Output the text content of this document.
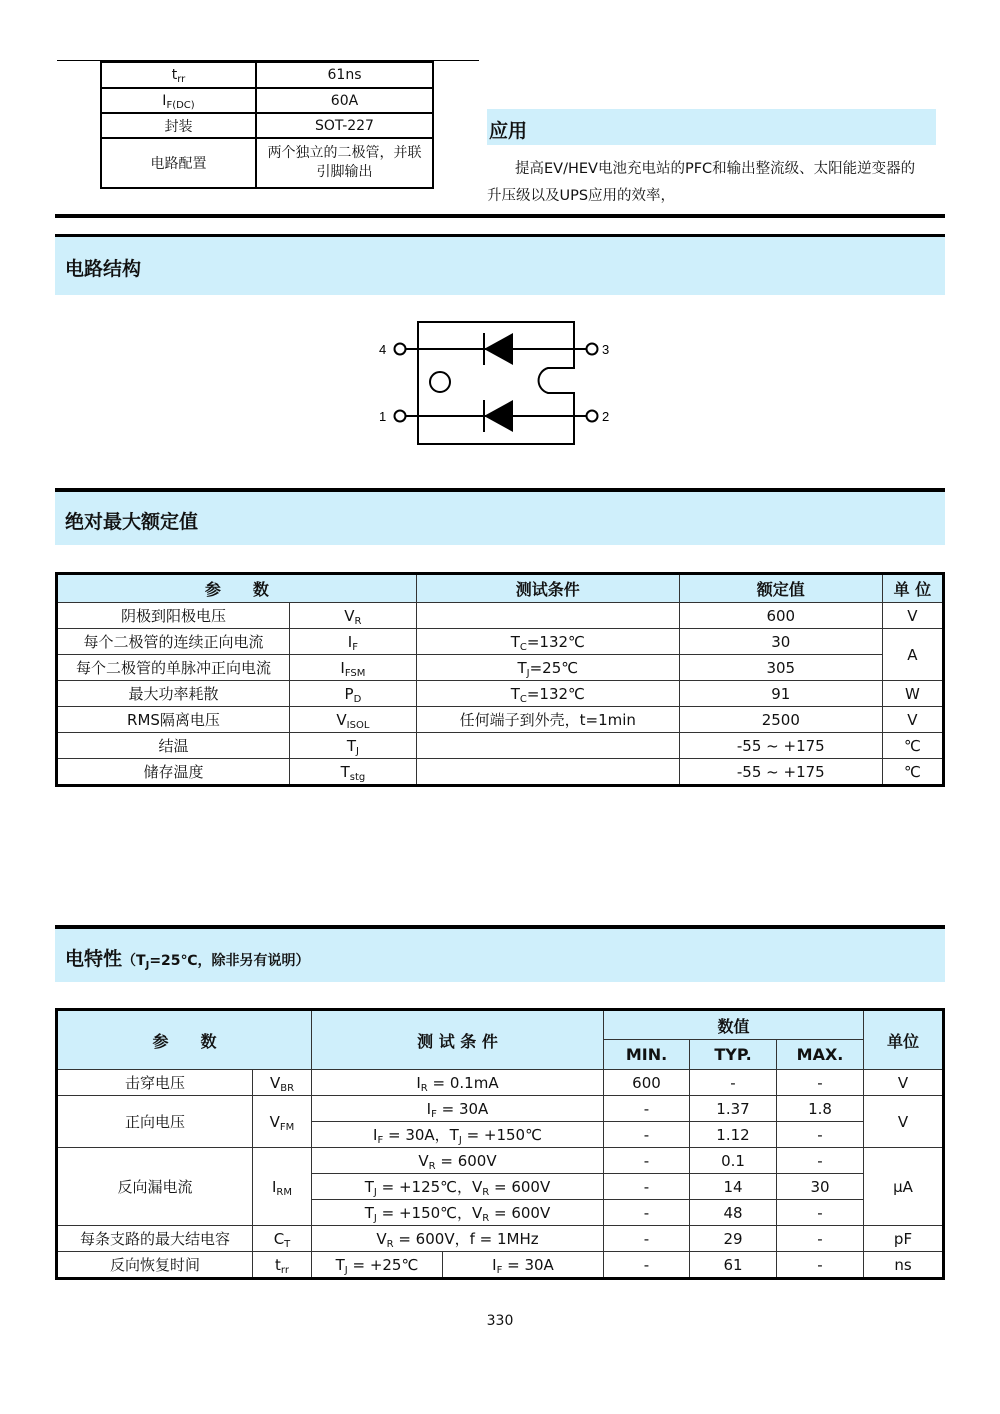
$t_{rr}$	61ns
$I_{F(DC)}$	60A
封装	SOT-227
电路配置	两个独立的二极管，并联
引脚输出
应用
提高EV/HEV电池充电站的PFC和输出整流级、太阳能逆变器的
升压级以及UPS应用的效率，
电路结构
4	3
1	2
绝对最大额定值
参　　数		测试条件	额定值	单 位
阴极到阳极电压	$V_R$		600	V
每个二极管的连续正向电流	$I_F$	$T_C=132℃$	30	A
每个二极管的单脉冲正向电流	$I_{FSM}$	$T_J=25℃$	305	
最大功率耗散	$P_D$	$T_C=132℃$	91	W
RMS隔离电压	$V_{ISOL}$	任何端子到外壳，t=1min	2500	V
结温	$T_J$		-55 ~ +175	℃
储存温度	$T_{stg}$		-55 ~ +175	℃
电特性（$T_J=25℃$，除非另有说明）
参　　数		测 试 条 件		数值			单位
				MIN.	TYP.	MAX.	
击穿电压	$V_{BR}$	$I_R = 0.1mA$		600	-	-	V
正向电压	$V_{FM}$	$I_F = 30A$		-	1.37	1.8	V
		$I_F = 30A$，$T_J$ = +150℃		-	1.12	-	
反向漏电流	$I_{RM}$	$V_R = 600V$		-	0.1	-	μA
		$T_J$ = +125℃，$V_R = 600V$		-	14	30	
		$T_J$ = +150℃，$V_R = 600V$		-	48	-	
每条支路的最大结电容	$C_T$	$V_R = 600V$，f = 1MHz		-	29	-	pF
反向恢复时间	$t_{rr}$	$T_J$ = +25℃	$I_F = 30A$	-	61	-	ns
330
